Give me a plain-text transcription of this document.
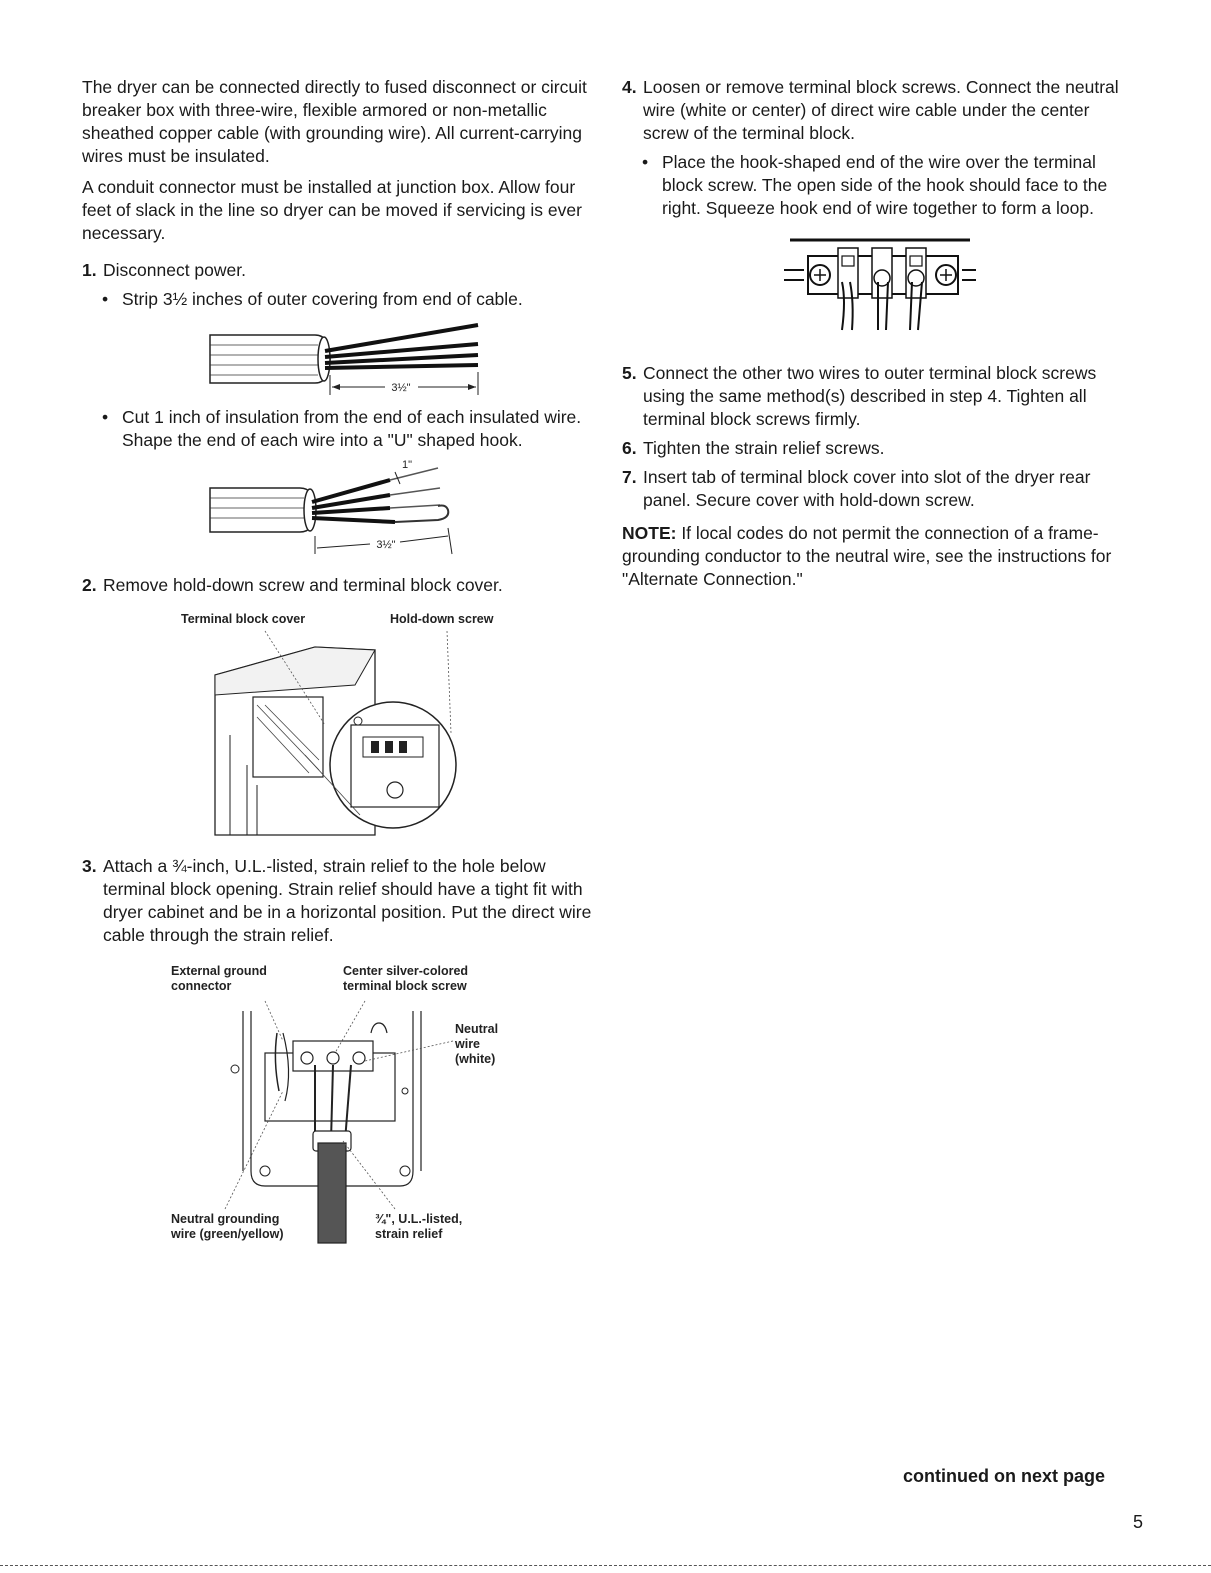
The dryer can be connected directly to fused disconnect or circuit breaker box with three-wire, flexible armored or non-metallic sheathed copper cable (with grounding wire). All current-carrying wires must be insulated.

A conduit connector must be installed at junction box. Allow four feet of slack in the line so dryer can be moved if servicing is ever necessary.

1. Disconnect power.
• Strip 3½ inches of outer covering from end of cable.
3½"
• Cut 1 inch of insulation from the end of each insulated wire. Shape the end of each wire into a "U" shaped hook.
1"
3½"
2. Remove hold-down screw and terminal block cover.
Terminal block cover	Hold-down screw
3. Attach a ¾-inch, U.L.-listed, strain relief to the hole below terminal block opening. Strain relief should have a tight fit with dryer cabinet and be in a horizontal position. Put the direct wire cable through the strain relief.
External ground
connector
Center silver-colored
terminal block screw
Neutral
wire
(white)
Neutral grounding
wire (green/yellow)
¾", U.L.-listed,
strain relief
4. Loosen or remove terminal block screws. Connect the neutral wire (white or center) of direct wire cable under the center screw of the terminal block.
• Place the hook-shaped end of the wire over the terminal block screw. The open side of the hook should face to the right. Squeeze hook end of wire together to form a loop.
5. Connect the other two wires to outer terminal block screws using the same method(s) described in step 4. Tighten all terminal block screws firmly.
6. Tighten the strain relief screws.
7. Insert tab of terminal block cover into slot of the dryer rear panel. Secure cover with hold-down screw.

NOTE: If local codes do not permit the connection of a frame-grounding conductor to the neutral wire, see the instructions for "Alternate Connection."

continued on next page
5
